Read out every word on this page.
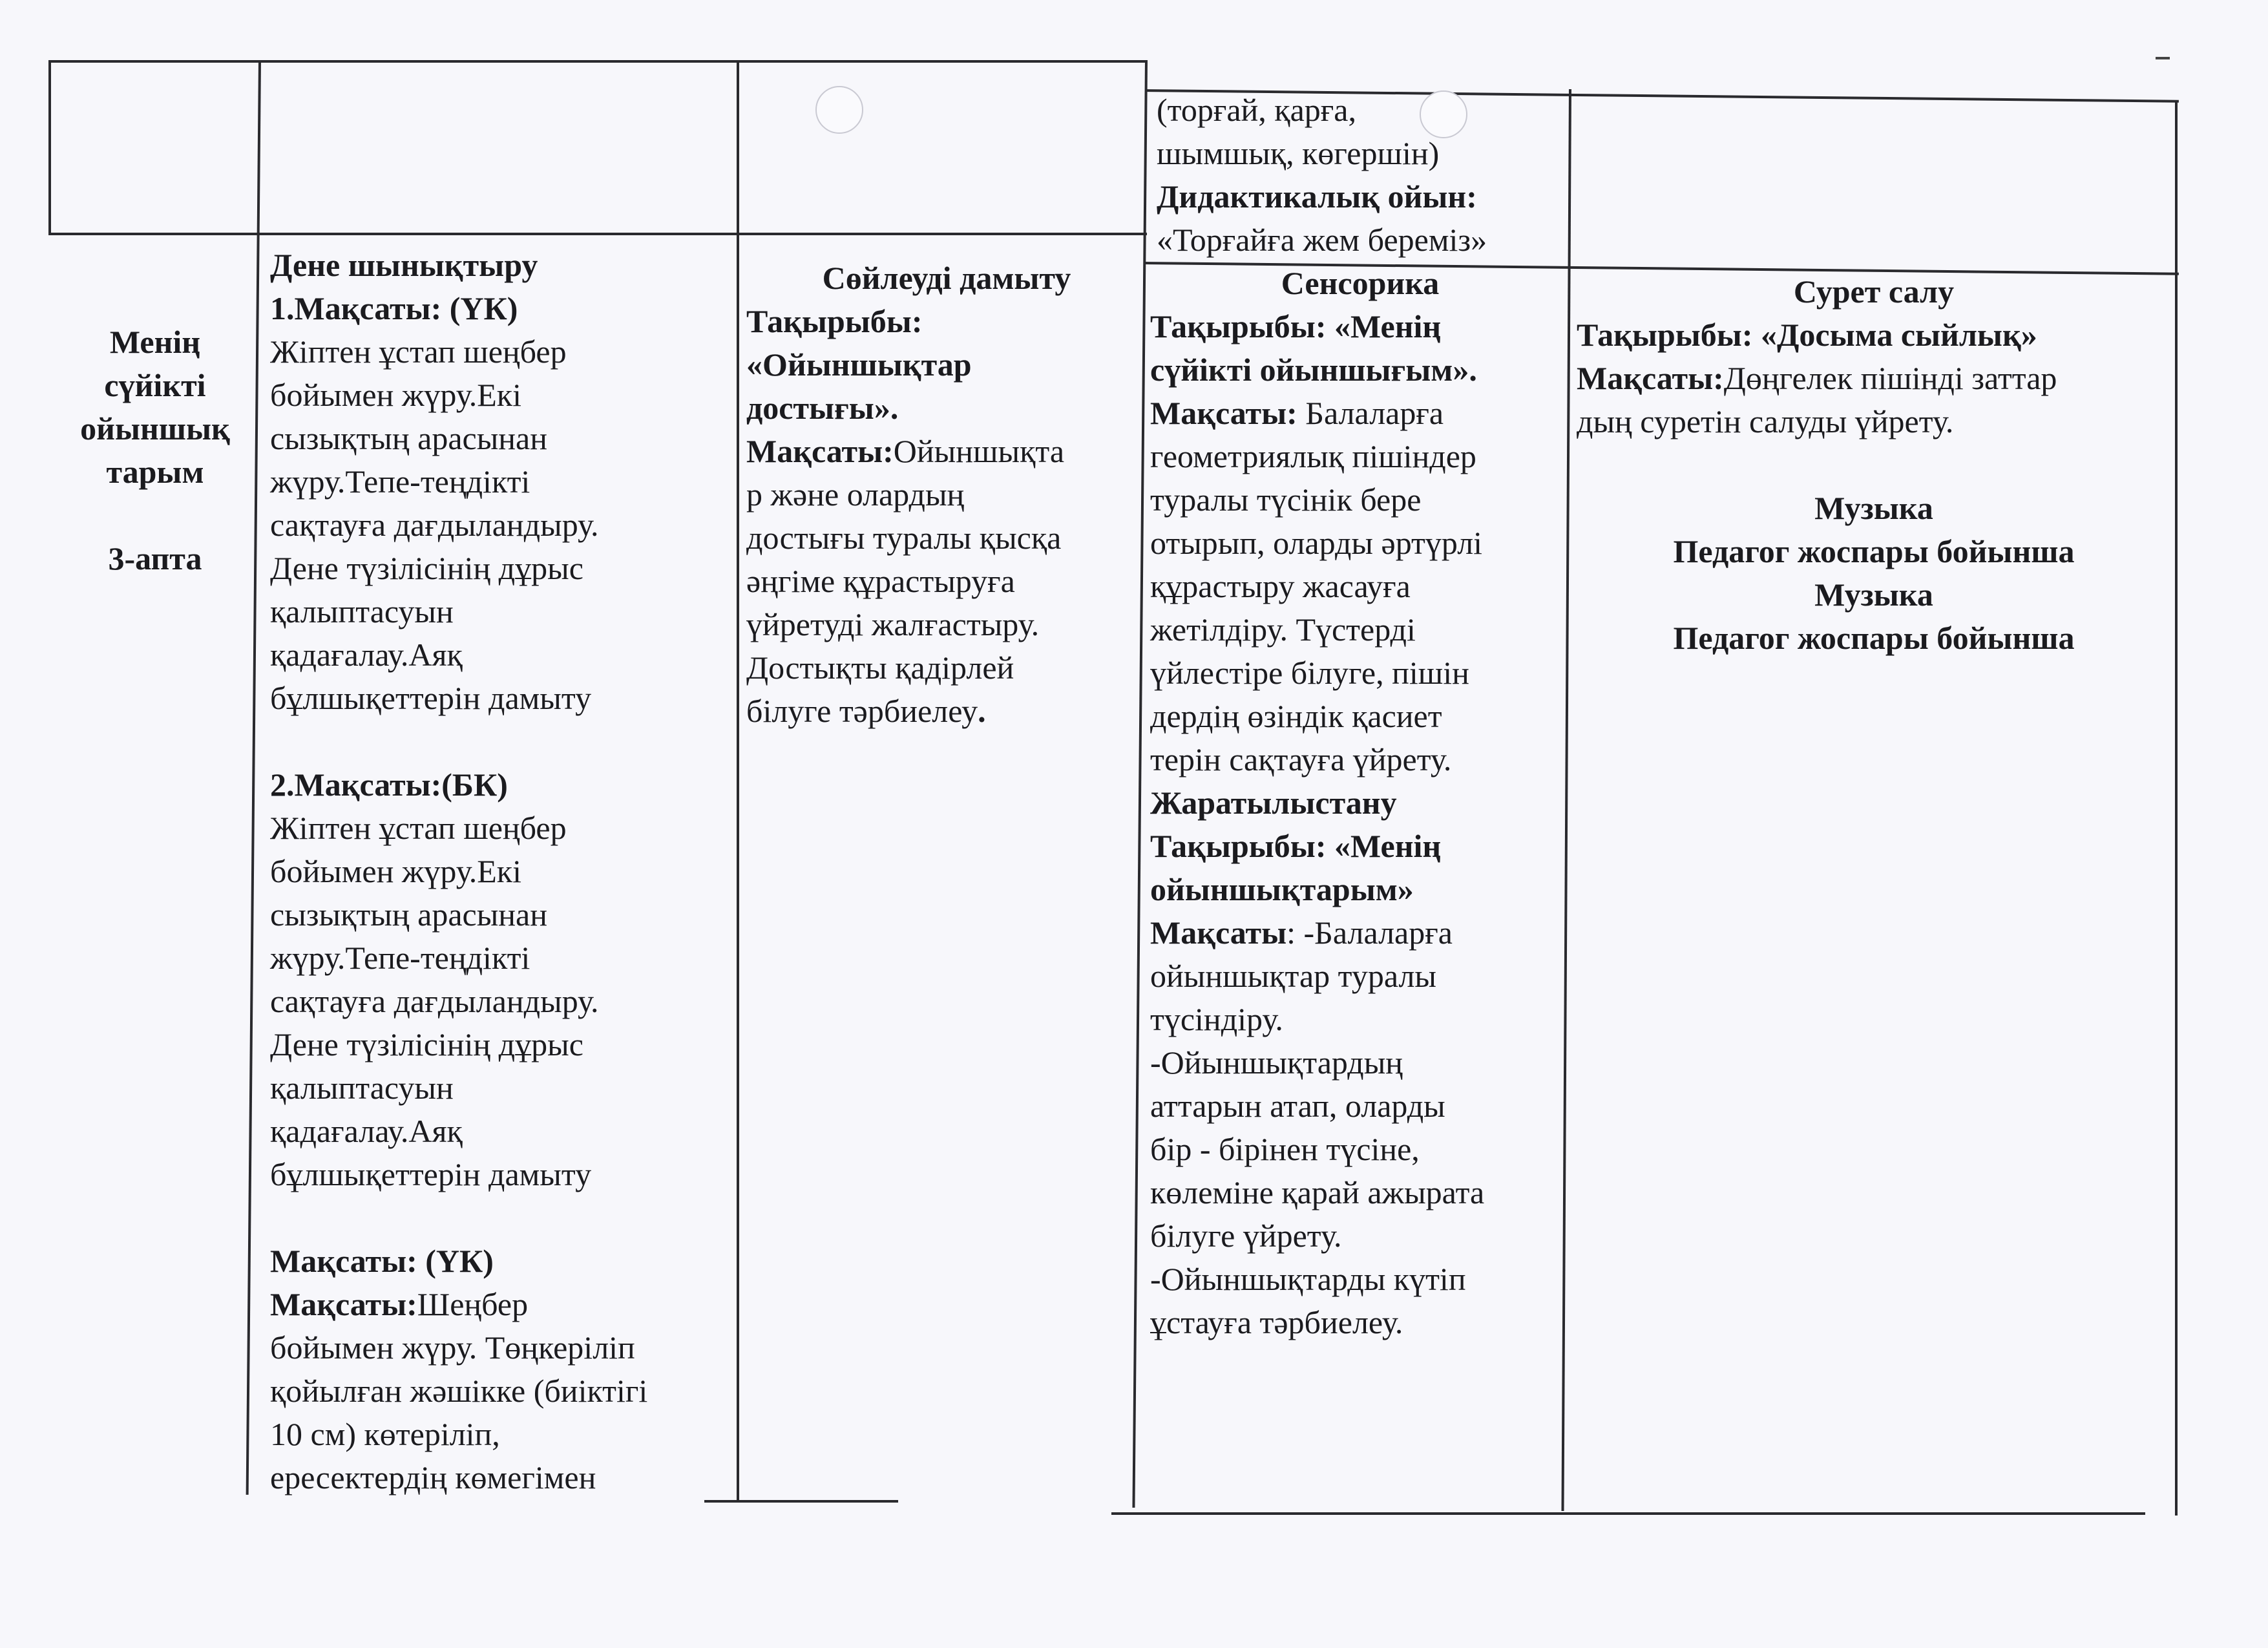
(торғай, қарға,

шымшық, көгершін)

Дидактикалық ойын:

«Торғайға жем береміз»

Менің

сүйікті

ойыншық

тарым

3-апта

Дене шынықтыру

1.Мақсаты: (ҮК)

Жіптен ұстап шеңбер

бойымен жүру.Екі

сызықтың арасынан

жүру.Тепе-теңдікті

сақтауға дағдыландыру.

Дене түзілісінің дұрыс

қалыптасуын

қадағалау.Аяқ

бұлшықеттерін дамыту

2.Мақсаты:(БК)

Жіптен ұстап шеңбер

бойымен жүру.Екі

сызықтың арасынан

жүру.Тепе-теңдікті

сақтауға дағдыландыру.

Дене түзілісінің дұрыс

қалыптасуын

қадағалау.Аяқ

бұлшықеттерін дамыту

Мақсаты: (ҮК)

Мақсаты:Шеңбер

бойымен жүру. Төңкеріліп

қойылған жәшікке (биіктігі

10 см) көтеріліп,

ересектердің көмегімен

Сөйлеуді дамыту

Тақырыбы:

«Ойыншықтар

достығы».

Мақсаты:Ойыншықта

р және олардың

достығы туралы қысқа

әңгіме құрастыруға

үйретуді жалғастыру.

Достықты қадірлей

білуге тәрбиелеу.

Сенсорика

Тақырыбы: «Менің

сүйікті ойыншығым».

Мақсаты: Балаларға

геометриялық пішіндер

туралы түсінік бере

отырып, оларды әртүрлі

құрастыру жасауға

жетілдіру. Түстерді

үйлестіре білуге, пішін

дердің өзіндік қасиет

терін сақтауға үйрету.

Жаратылыстану

Тақырыбы: «Менің

ойыншықтарым»

Мақсаты: -Балаларға

ойыншықтар туралы

түсіндіру.

-Ойыншықтардың

аттарын атап, оларды

бір - бірінен түсіне,

көлеміне қарай ажырата

білуге үйрету.

-Ойыншықтарды күтіп

ұстауға тәрбиелеу.

Сурет салу

Тақырыбы: «Досыма сыйлық»

Мақсаты:Дөңгелек пішінді заттар

дың суретін салуды үйрету.

Музыка

Педагог жоспары бойынша

Музыка

Педагог жоспары бойынша
